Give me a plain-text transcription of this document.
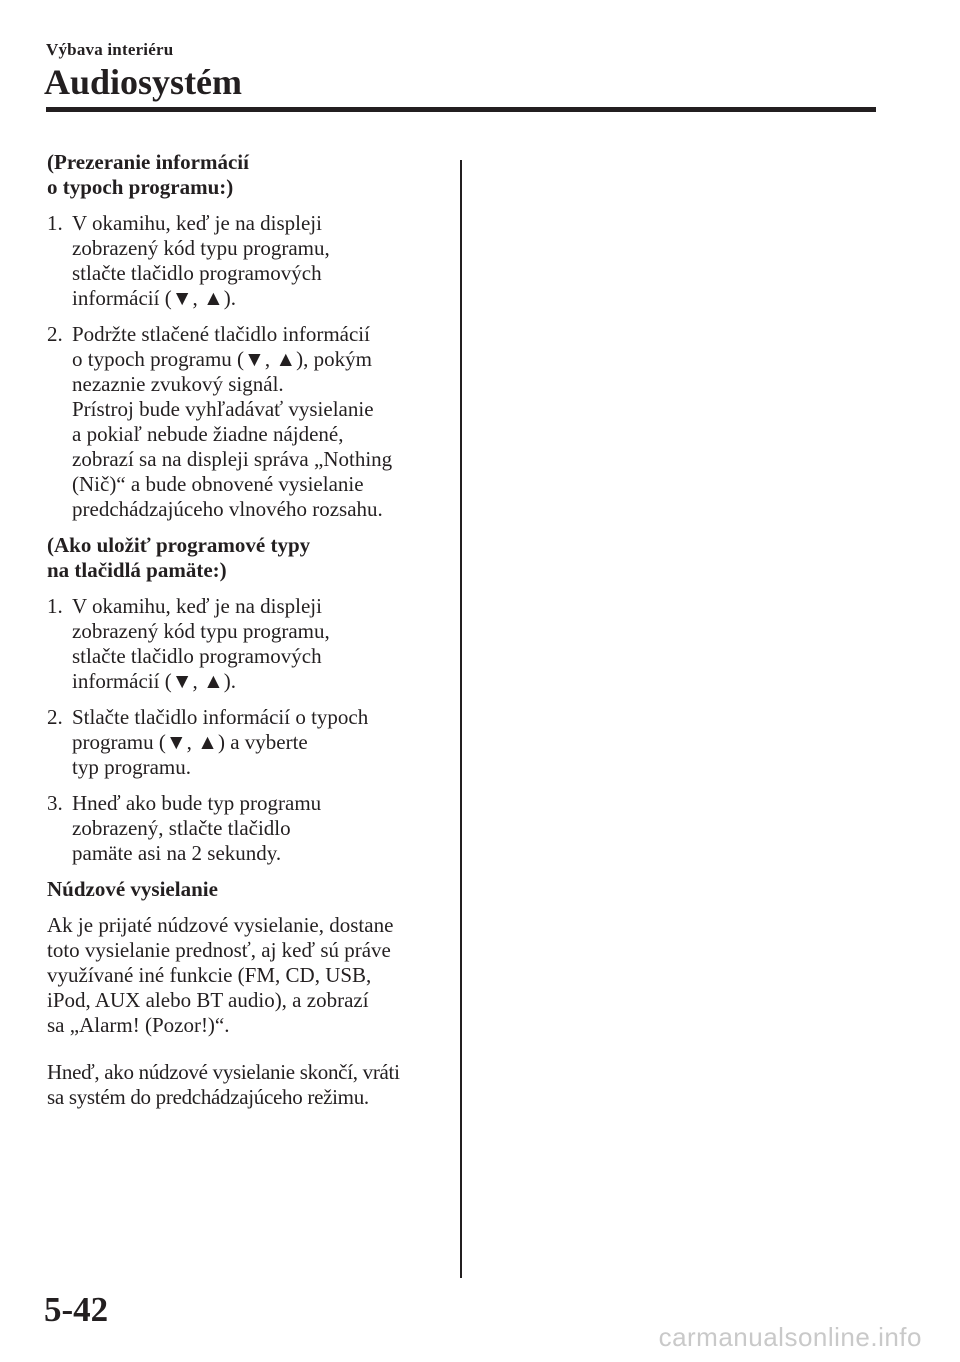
Výbava interiéru
Audiosystém
(Prezeranie informácií
o typoch programu:)
1. V okamihu, keď je na displeji
zobrazený kód typu programu,
stlačte tlačidlo programových
informácií (▼, ▲).
2. Podržte stlačené tlačidlo informácií
o typoch programu (▼, ▲), pokým
nezaznie zvukový signál.
Prístroj bude vyhľadávať vysielanie
a pokiaľ nebude žiadne nájdené,
zobrazí sa na displeji správa „Nothing
(Nič)“ a bude obnovené vysielanie
predchádzajúceho vlnového rozsahu.
(Ako uložiť programové typy
na tlačidlá pamäte:)
1. V okamihu, keď je na displeji
zobrazený kód typu programu,
stlačte tlačidlo programových
informácií (▼, ▲).
2. Stlačte tlačidlo informácií o typoch
programu (▼, ▲) a vyberte
typ programu.
3. Hneď ako bude typ programu
zobrazený, stlačte tlačidlo
pamäte asi na 2 sekundy.
Núdzové vysielanie
Ak je prijaté núdzové vysielanie, dostane
toto vysielanie prednosť, aj keď sú práve
využívané iné funkcie (FM, CD, USB,
iPod, AUX alebo BT audio), a zobrazí
sa „Alarm! (Pozor!)“.
Hneď, ako núdzové vysielanie skončí, vráti
sa systém do predchádzajúceho režimu.
5-42
carmanualsonline.info
